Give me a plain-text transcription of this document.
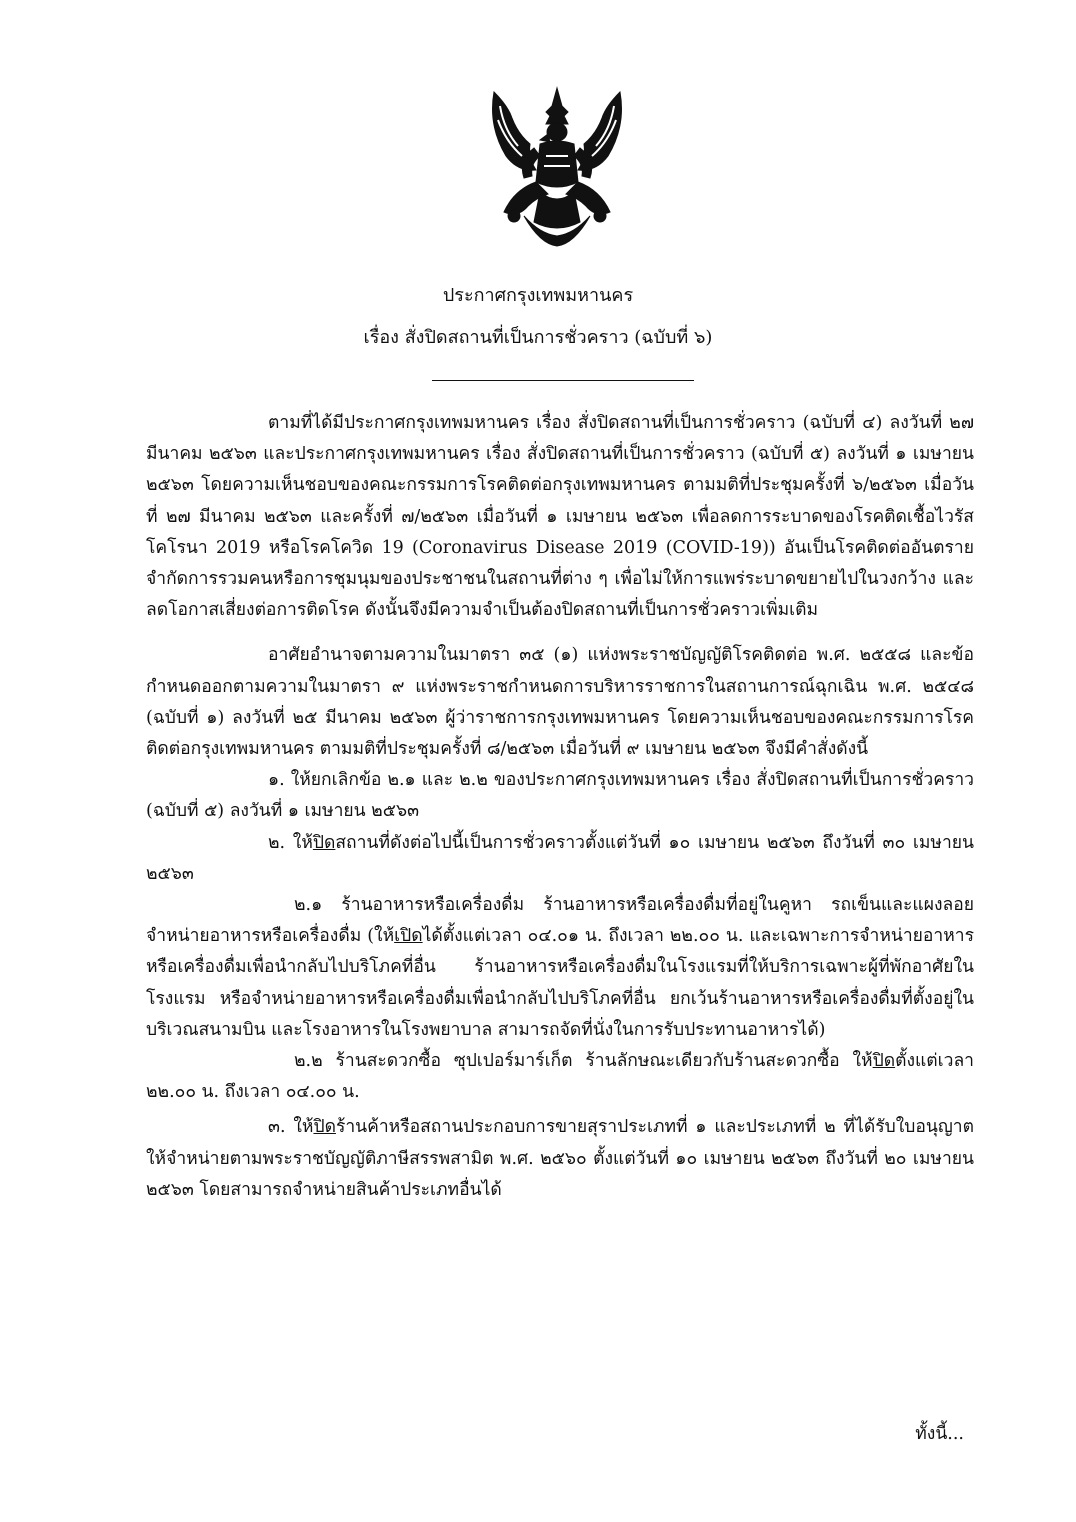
ประกาศกรุงเทพมหานคร
เรื่อง สั่งปิดสถานที่เป็นการชั่วคราว (ฉบับที่ ๖)

ตามที่ได้มีประกาศกรุงเทพมหานคร เรื่อง สั่งปิดสถานที่เป็นการชั่วคราว (ฉบับที่ ๔) ลงวันที่ ๒๗ มีนาคม ๒๕๖๓ และประกาศกรุงเทพมหานคร เรื่อง สั่งปิดสถานที่เป็นการชั่วคราว (ฉบับที่ ๕) ลงวันที่ ๑ เมษายน ๒๕๖๓ โดยความเห็นชอบของคณะกรรมการโรคติดต่อกรุงเทพมหานคร ตามมติที่ประชุมครั้งที่ ๖/๒๕๖๓ เมื่อวันที่ ๒๗ มีนาคม ๒๕๖๓ และครั้งที่ ๗/๒๕๖๓ เมื่อวันที่ ๑ เมษายน ๒๕๖๓ เพื่อลดการระบาดของโรคติดเชื้อไวรัสโคโรนา 2019 หรือโรคโควิด 19 (Coronavirus Disease 2019 (COVID-19)) อันเป็นโรคติดต่ออันตราย จำกัดการรวมคนหรือการชุมนุมของประชาชนในสถานที่ต่าง ๆ เพื่อไม่ให้การแพร่ระบาดขยายไปในวงกว้าง และลดโอกาสเสี่ยงต่อการติดโรค ดังนั้นจึงมีความจำเป็นต้องปิดสถานที่เป็นการชั่วคราวเพิ่มเติม

อาศัยอำนาจตามความในมาตรา ๓๕ (๑) แห่งพระราชบัญญัติโรคติดต่อ พ.ศ. ๒๕๕๘ และข้อกำหนดออกตามความในมาตรา ๙ แห่งพระราชกำหนดการบริหารราชการในสถานการณ์ฉุกเฉิน พ.ศ. ๒๕๔๘ (ฉบับที่ ๑) ลงวันที่ ๒๕ มีนาคม ๒๕๖๓ ผู้ว่าราชการกรุงเทพมหานคร โดยความเห็นชอบของคณะกรรมการโรคติดต่อกรุงเทพมหานคร ตามมติที่ประชุมครั้งที่ ๘/๒๕๖๓ เมื่อวันที่ ๙ เมษายน ๒๕๖๓ จึงมีคำสั่งดังนี้

๑. ให้ยกเลิกข้อ ๒.๑ และ ๒.๒ ของประกาศกรุงเทพมหานคร เรื่อง สั่งปิดสถานที่เป็นการชั่วคราว (ฉบับที่ ๕) ลงวันที่ ๑ เมษายน ๒๕๖๓

๒. ให้ปิดสถานที่ดังต่อไปนี้เป็นการชั่วคราวตั้งแต่วันที่ ๑๐ เมษายน ๒๕๖๓ ถึงวันที่ ๓๐ เมษายน ๒๕๖๓

๒.๑ ร้านอาหารหรือเครื่องดื่ม ร้านอาหารหรือเครื่องดื่มที่อยู่ในคูหา รถเข็นและแผงลอยจำหน่ายอาหารหรือเครื่องดื่ม (ให้เปิดได้ตั้งแต่เวลา ๐๔.๐๑ น. ถึงเวลา ๒๒.๐๐ น. และเฉพาะการจำหน่ายอาหารหรือเครื่องดื่มเพื่อนำกลับไปบริโภคที่อื่น ร้านอาหารหรือเครื่องดื่มในโรงแรมที่ให้บริการเฉพาะผู้ที่พักอาศัยในโรงแรม หรือจำหน่ายอาหารหรือเครื่องดื่มเพื่อนำกลับไปบริโภคที่อื่น ยกเว้นร้านอาหารหรือเครื่องดื่มที่ตั้งอยู่ในบริเวณสนามบิน และโรงอาหารในโรงพยาบาล สามารถจัดที่นั่งในการรับประทานอาหารได้)

๒.๒ ร้านสะดวกซื้อ ซุปเปอร์มาร์เก็ต ร้านลักษณะเดียวกับร้านสะดวกซื้อ ให้ปิดตั้งแต่เวลา ๒๒.๐๐ น. ถึงเวลา ๐๔.๐๐ น.

๓. ให้ปิดร้านค้าหรือสถานประกอบการขายสุราประเภทที่ ๑ และประเภทที่ ๒ ที่ได้รับใบอนุญาตให้จำหน่ายตามพระราชบัญญัติภาษีสรรพสามิต พ.ศ. ๒๕๖๐ ตั้งแต่วันที่ ๑๐ เมษายน ๒๕๖๓ ถึงวันที่ ๒๐ เมษายน ๒๕๖๓ โดยสามารถจำหน่ายสินค้าประเภทอื่นได้

ทั้งนี้...
